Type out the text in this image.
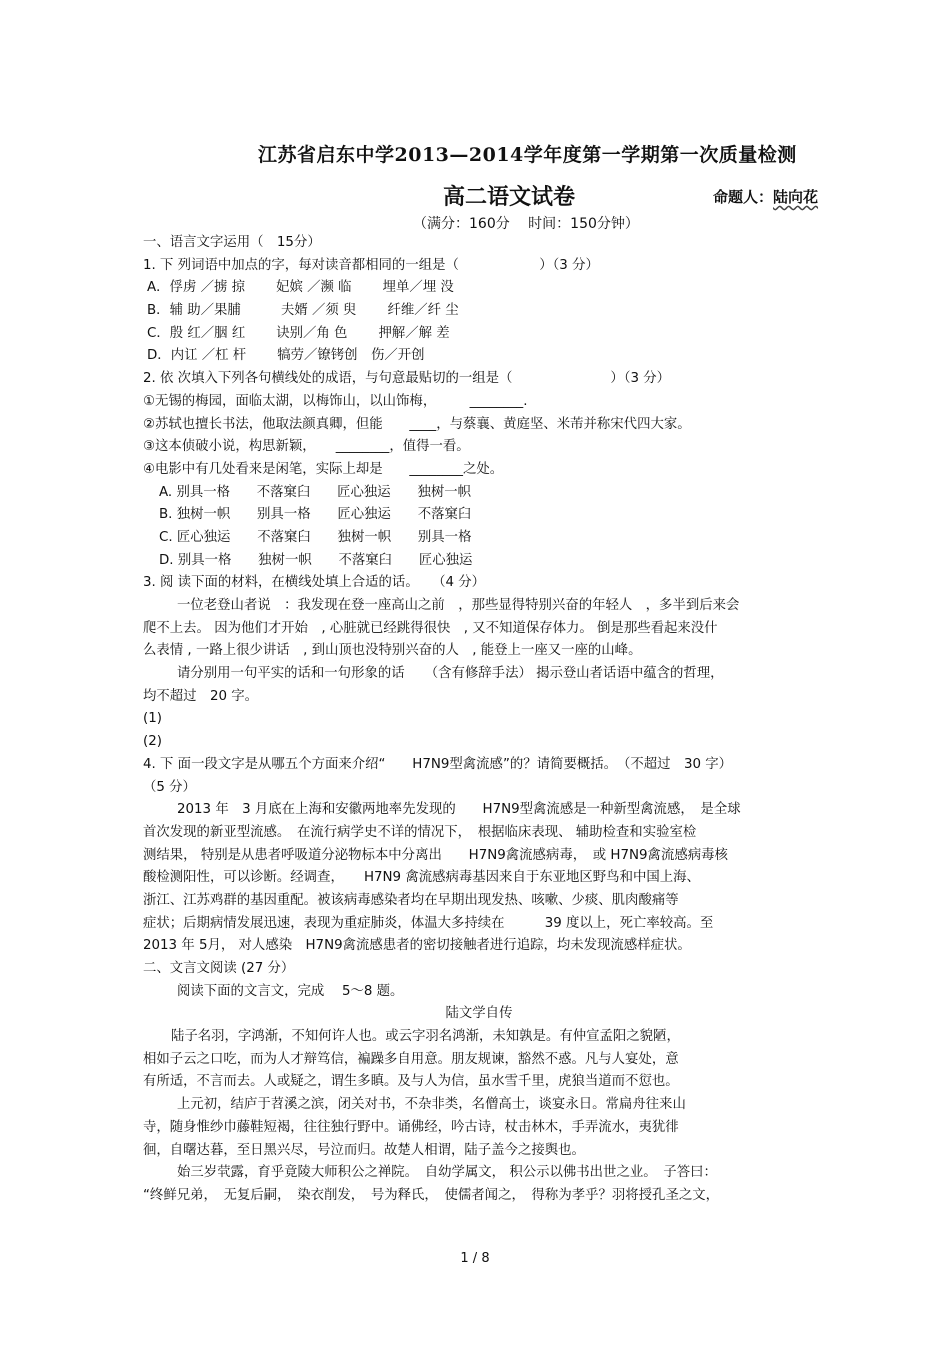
江苏省启东中学2013—2014学年度第一学期第一次质量检测
高二语文试卷	命题人：陆向花
（满分：160分　 时间：150分钟）
一、语言文字运用（　15分）
1. 下 列词语中加点的字，每对读音都相同的一组是（　　　　　　）（3 分）
A．俘虏 ／掳 掠　　 妃嫔 ／濒 临　　 埋单／埋 没
B．辅 助／果脯　　　夫婿 ／须 臾　　 纤维／纤 尘
C．殷 红／胭 红　　 诀别／角 色　　 押解／解 差
D．内讧 ／杠 杆　　 犒劳／镣铐创　伤／开创
2. 依 次填入下列各句横线处的成语，与句意最贴切的一组是（　　　　　　　 ）（3 分）
①无锡的梅园，面临太湖，以梅饰山，以山饰梅，　　　________.
②苏轼也擅长书法，他取法颜真卿，但能　　____，与蔡襄、黄庭坚、米芾并称宋代四大家。
③这本侦破小说，构思新颖，　　________，值得一看。
④电影中有几处看来是闲笔，实际上却是　　________之处。
A. 别具一格　　不落窠臼　　匠心独运　　独树一帜
B. 独树一帜　　别具一格　　匠心独运　　不落窠臼
C. 匠心独运　　不落窠臼　　独树一帜　　别具一格
D. 别具一格　　独树一帜　　不落窠臼　　匠心独运
3. 阅 读下面的材料，在横线处填上合适的话。　　（4 分）
一位老登山者说　：我发现在登一座高山之前　，那些显得特别兴奋的年轻人　，多半到后来会
爬不上去。 因为他们才开始　, 心脏就已经跳得很快　, 又不知道保存体力。 倒是那些看起来没什
么表情 , 一路上很少讲话　, 到山顶也没特别兴奋的人　, 能登上一座又一座的山峰。
请分别用一句平实的话和一句形象的话　　（含有修辞手法） 揭示登山者话语中蕴含的哲理，
均不超过　20 字。
(1)
(2)
4. 下 面一段文字是从哪五个方面来介绍“　　H7N9型禽流感”的？请简要概括。　（不超过　30 字）
（5 分）
2013 年　3 月底在上海和安徽两地率先发现的　　H7N9型禽流感是一种新型禽流感，　是全球
首次发现的新亚型流感。　在流行病学史不详的情况下，　根据临床表现、 辅助检查和实验室检
测结果， 特别是从患者呼吸道分泌物标本中分离出　　H7N9禽流感病毒，　或 H7N9禽流感病毒核
酸检测阳性，可以诊断。经调查，　　H7N9 禽流感病毒基因来自于东亚地区野鸟和中国上海、
浙江、江苏鸡群的基因重配。被该病毒感染者均在早期出现发热、咳嗽、少痰、肌肉酸痛等
症状；后期病情发展迅速，表现为重症肺炎，体温大多持续在　　　39 度以上，死亡率较高。至
2013 年 5月， 对人感染　H7N9禽流感患者的密切接触者进行追踪，均未发现流感样症状。
二、文言文阅读 (27 分）
阅读下面的文言文，完成　 5～8 题。
陆文学自传
陆子名羽，字鸿渐，不知何许人也。或云字羽名鸿渐，未知孰是。有仲宣孟阳之貌陋，
相如子云之口吃，而为人才辩笃信，褊躁多自用意。朋友规谏，豁然不惑。凡与人宴处，意
有所适，不言而去。人或疑之，谓生多瞋。及与人为信，虽水雪千里，虎狼当道而不愆也。
上元初，结庐于苕溪之滨，闭关对书，不杂非类，名僧高士，谈宴永日。常扁舟往来山
寺，随身惟纱巾藤鞋短褐，往往独行野中。诵佛经，吟古诗，杖击林木，手弄流水，夷犹徘
徊，自曙达暮，至日黑兴尽，号泣而归。故楚人相谓，陆子盖今之接舆也。
始三岁茕露，育乎竟陵大师积公之禅院。　自幼学属文， 积公示以佛书出世之业。　子答曰：
“终鲜兄弟，　无复后嗣，　染衣削发，　号为释氏，　使儒者闻之，　得称为孝乎？羽将授孔圣之文，
1 / 8
